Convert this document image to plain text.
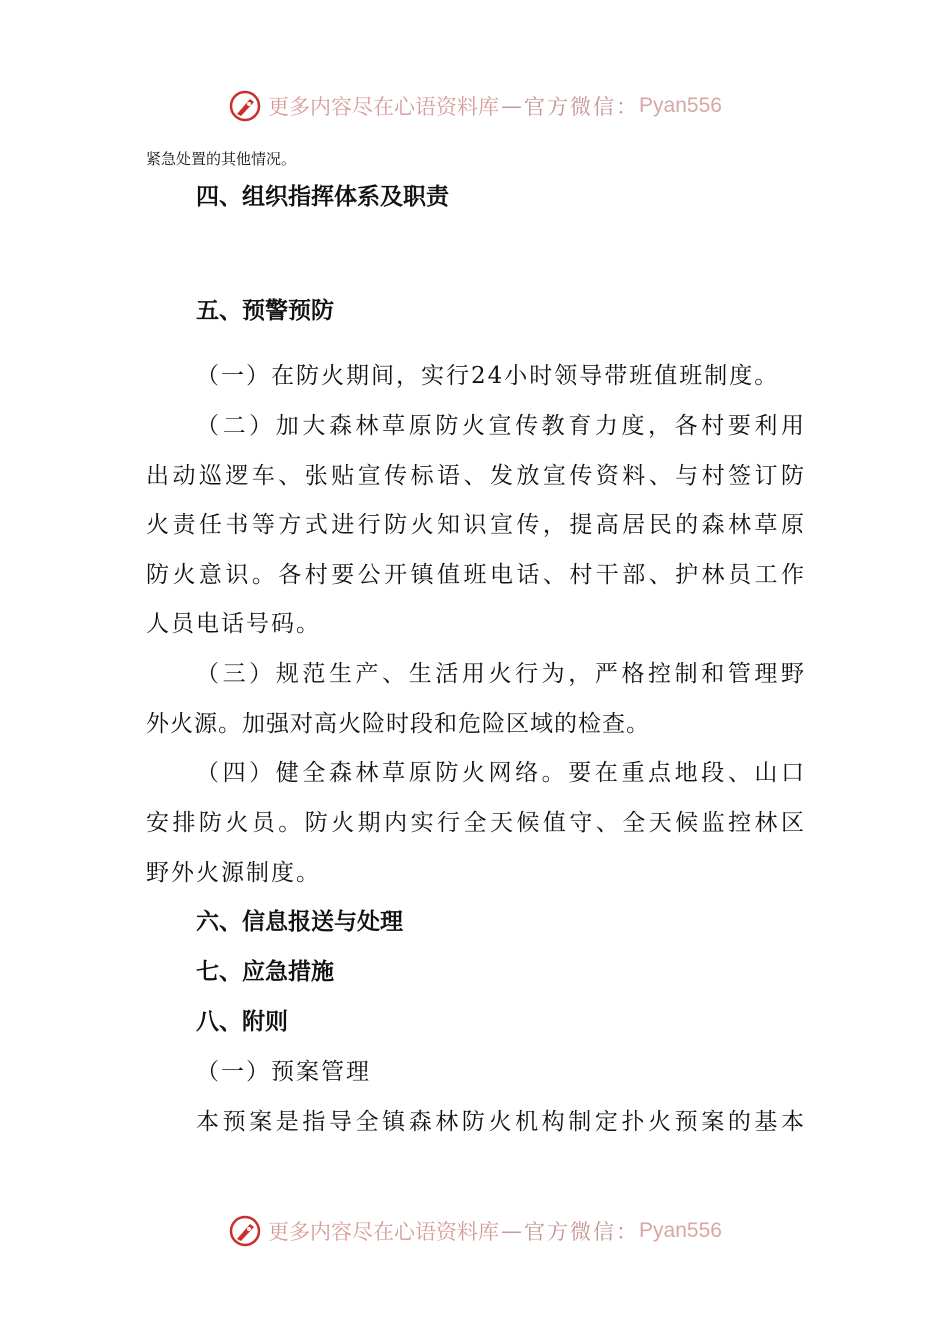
更多内容尽在心语资料库 — 官方微信： Pyan556
紧急处置的其他情况。
四、组织指挥体系及职责
五、预警预防
（一）在防火期间，实行24小时领导带班值班制度。
（二）加大森林草原防火宣传教育力度，各村要利用
出动巡逻车、张贴宣传标语、发放宣传资料、与村签订防
火责任书等方式进行防火知识宣传，提高居民的森林草原
防火意识。各村要公开镇值班电话、村干部、护林员工作
人员电话号码。
（三）规范生产、生活用火行为，严格控制和管理野
外火源。加强对高火险时段和危险区域的检查。
（四）健全森林草原防火网络。要在重点地段、山口
安排防火员。防火期内实行全天候值守、全天候监控林区
野外火源制度。
六、信息报送与处理
七、应急措施
八、附则
（一）预案管理
本预案是指导全镇森林防火机构制定扑火预案的基本
更多内容尽在心语资料库 — 官方微信： Pyan556
